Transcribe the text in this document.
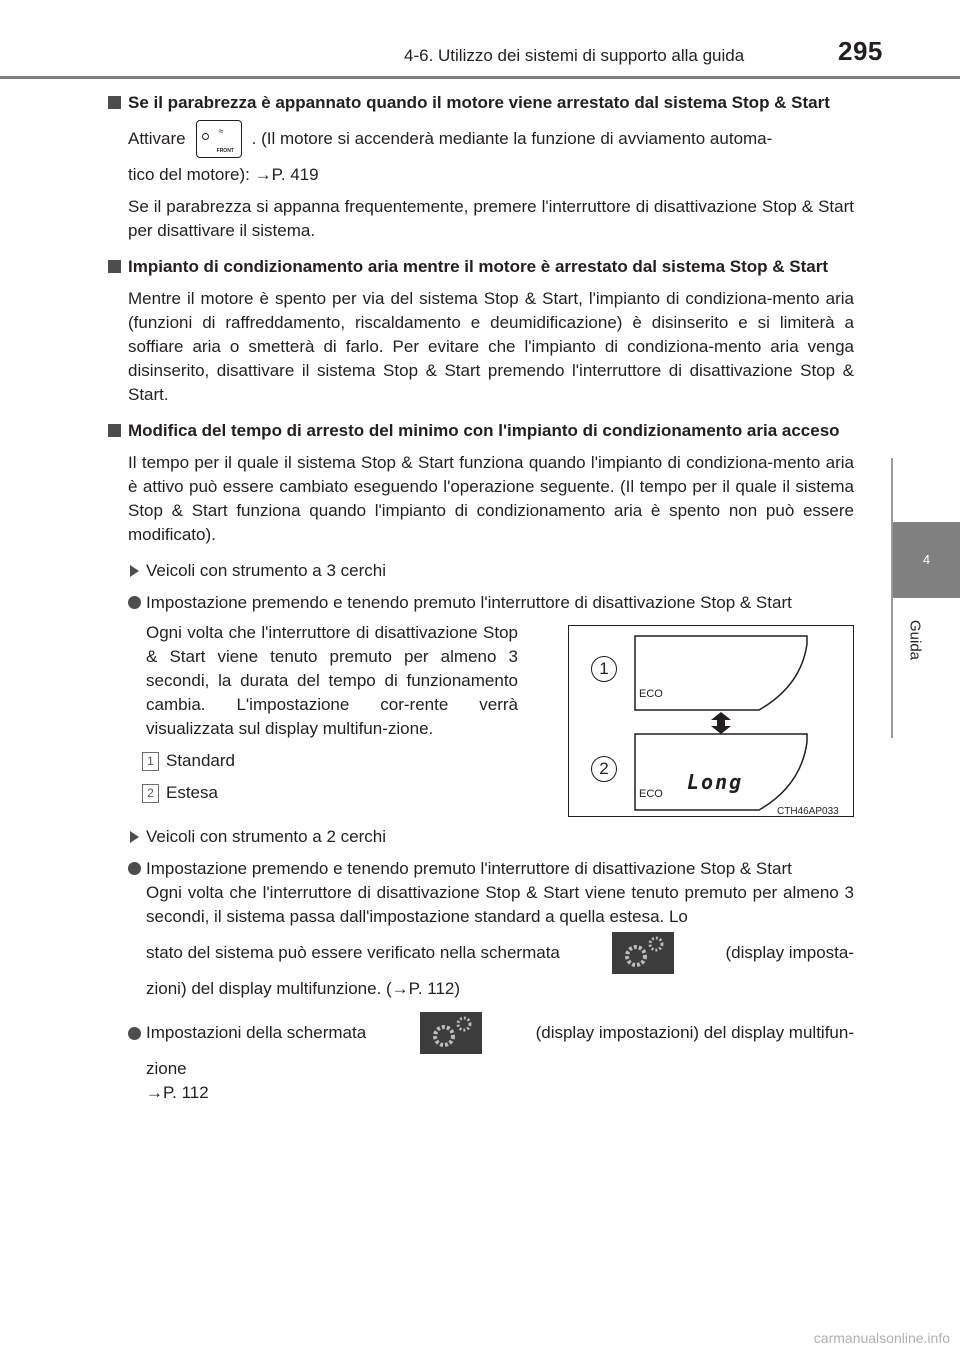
4-6. Utilizzo dei sistemi di supporto alla guida	295
4
Guida

Se il parabrezza è appannato quando il motore viene arrestato dal sistema Stop & Start

Attivare	≈
FRONT
. (Il motore si accenderà mediante la funzione di avviamento automa-

tico del motore): →P. 419

Se il parabrezza si appanna frequentemente, premere l'interruttore di disattivazione Stop & Start per disattivare il sistema.

Impianto di condizionamento aria mentre il motore è arrestato dal sistema Stop & Start

Mentre il motore è spento per via del sistema Stop & Start, l'impianto di condiziona-mento aria (funzioni di raffreddamento, riscaldamento e deumidificazione) è disinserito e si limiterà a soffiare aria o smetterà di farlo. Per evitare che l'impianto di condiziona-mento aria venga disinserito, disattivare il sistema Stop & Start premendo l'interruttore di disattivazione Stop & Start.

Modifica del tempo di arresto del minimo con l'impianto di condizionamento aria acceso

Il tempo per il quale il sistema Stop & Start funziona quando l'impianto di condiziona-mento aria è attivo può essere cambiato eseguendo l'operazione seguente. (Il tempo per il quale il sistema Stop & Start funziona quando l'impianto di condizionamento aria è spento non può essere modificato).

Veicoli con strumento a 3 cerchi

Impostazione premendo e tenendo premuto l'interruttore di disattivazione Stop & Start

Ogni volta che l'interruttore di disattivazione Stop & Start viene tenuto premuto per almeno 3 secondi, la durata del tempo di funzionamento cambia. L'impostazione cor-rente verrà visualizzata sul display multifun-zione.

1 Standard
2 Estesa
1
2
ECO
ECO Long
CTH46AP033

Veicoli con strumento a 2 cerchi

Impostazione premendo e tenendo premuto l'interruttore di disattivazione Stop & Start

Ogni volta che l'interruttore di disattivazione Stop & Start viene tenuto premuto per almeno 3 secondi, il sistema passa dall'impostazione standard a quella estesa. Lo

stato del sistema può essere verificato nella schermata	(display imposta-

zioni) del display multifunzione. (→P. 112)

Impostazioni della schermata	(display impostazioni) del display multifun-

zione

→P. 112

carmanualsonline.info
